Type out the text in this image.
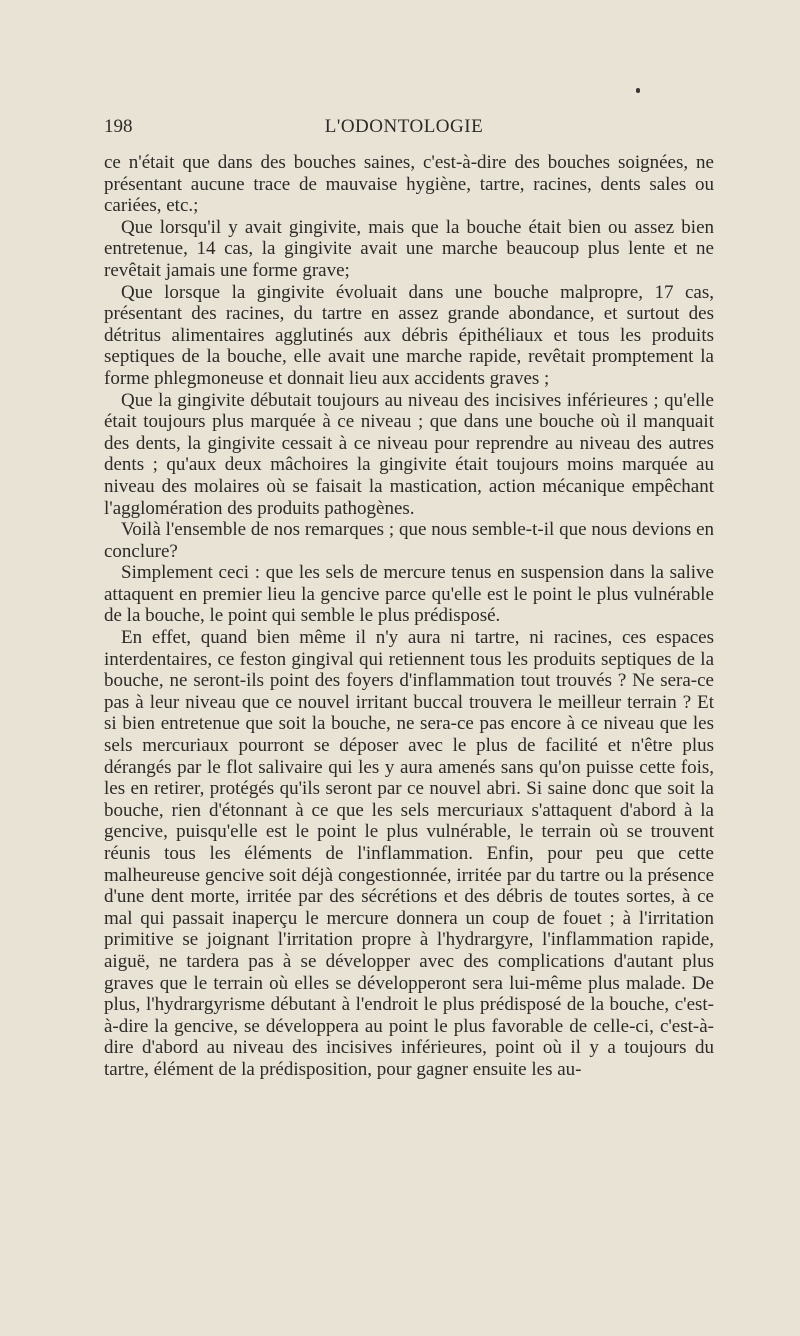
198	L'ODONTOLOGIE

ce n'était que dans des bouches saines, c'est-à-dire des bouches soignées, ne présentant aucune trace de mauvaise hygiène, tartre, racines, dents sales ou cariées, etc.;

Que lorsqu'il y avait gingivite, mais que la bouche était bien ou assez bien entretenue, 14 cas, la gingivite avait une marche beaucoup plus lente et ne revêtait jamais une forme grave;

Que lorsque la gingivite évoluait dans une bouche malpropre, 17 cas, présentant des racines, du tartre en assez grande abondance, et surtout des détritus alimentaires agglutinés aux débris épithéliaux et tous les produits septiques de la bouche, elle avait une marche rapide, revêtait promptement la forme phlegmoneuse et donnait lieu aux accidents graves ;

Que la gingivite débutait toujours au niveau des incisives inférieures ; qu'elle était toujours plus marquée à ce niveau ; que dans une bouche où il manquait des dents, la gingivite cessait à ce niveau pour reprendre au niveau des autres dents ; qu'aux deux mâchoires la gingivite était toujours moins marquée au niveau des molaires où se faisait la mastication, action mécanique empêchant l'agglomération des produits pathogènes.

Voilà l'ensemble de nos remarques ; que nous semble-t-il que nous devions en conclure?

Simplement ceci : que les sels de mercure tenus en suspension dans la salive attaquent en premier lieu la gencive parce qu'elle est le point le plus vulnérable de la bouche, le point qui semble le plus prédisposé.

En effet, quand bien même il n'y aura ni tartre, ni racines, ces espaces interdentaires, ce feston gingival qui retiennent tous les produits septiques de la bouche, ne seront-ils point des foyers d'inflammation tout trouvés ? Ne sera-ce pas à leur niveau que ce nouvel irritant buccal trouvera le meilleur terrain ? Et si bien entretenue que soit la bouche, ne sera-ce pas encore à ce niveau que les sels mercuriaux pourront se déposer avec le plus de facilité et n'être plus dérangés par le flot salivaire qui les y aura amenés sans qu'on puisse cette fois, les en retirer, protégés qu'ils seront par ce nouvel abri. Si saine donc que soit la bouche, rien d'étonnant à ce que les sels mercuriaux s'attaquent d'abord à la gencive, puisqu'elle est le point le plus vulnérable, le terrain où se trouvent réunis tous les éléments de l'inflammation. Enfin, pour peu que cette malheureuse gencive soit déjà congestionnée, irritée par du tartre ou la présence d'une dent morte, irritée par des sécrétions et des débris de toutes sortes, à ce mal qui passait inaperçu le mercure donnera un coup de fouet ; à l'irritation primitive se joignant l'irritation propre à l'hydrargyre, l'inflammation rapide, aiguë, ne tardera pas à se développer avec des complications d'autant plus graves que le terrain où elles se développeront sera lui-même plus malade. De plus, l'hydrargyrisme débutant à l'endroit le plus prédisposé de la bouche, c'est-à-dire la gencive, se développera au point le plus favorable de celle-ci, c'est-à-dire d'abord au niveau des incisives inférieures, point où il y a toujours du tartre, élément de la prédisposition, pour gagner ensuite les au-
